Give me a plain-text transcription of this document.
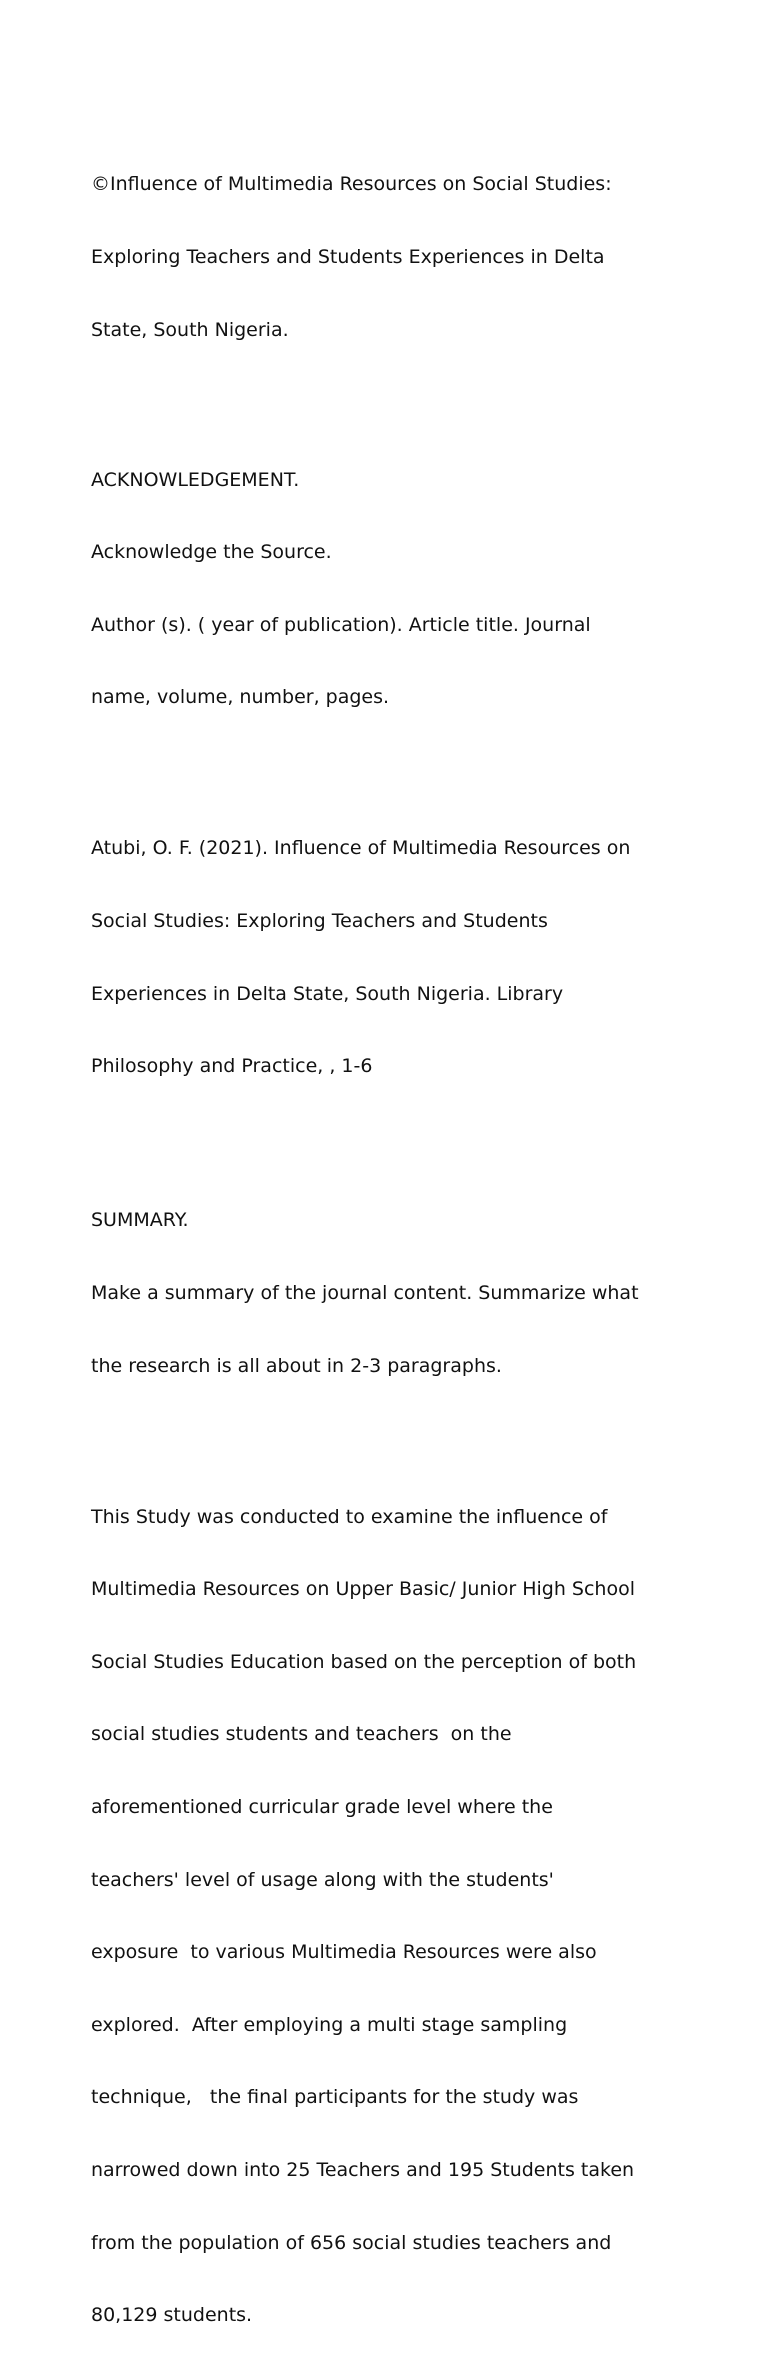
©Influence of Multimedia Resources on Social Studies:

Exploring Teachers and Students Experiences in Delta

State, South Nigeria.

ACKNOWLEDGEMENT.

Acknowledge the Source.

Author (s). ( year of publication). Article title. Journal

name, volume, number, pages.

Atubi, O. F. (2021). Influence of Multimedia Resources on

Social Studies: Exploring Teachers and Students

Experiences in Delta State, South Nigeria. Library

Philosophy and Practice, , 1-6

SUMMARY.

Make a summary of the journal content. Summarize what

the research is all about in 2-3 paragraphs.

This Study was conducted to examine the influence of

Multimedia Resources on Upper Basic/ Junior High School

Social Studies Education based on the perception of both

social studies students and teachers  on the

aforementioned curricular grade level where the

teachers' level of usage along with the students'

exposure  to various Multimedia Resources were also

explored.  After employing a multi stage sampling

technique,   the final participants for the study was

narrowed down into 25 Teachers and 195 Students taken

from the population of 656 social studies teachers and

80,129 students.
